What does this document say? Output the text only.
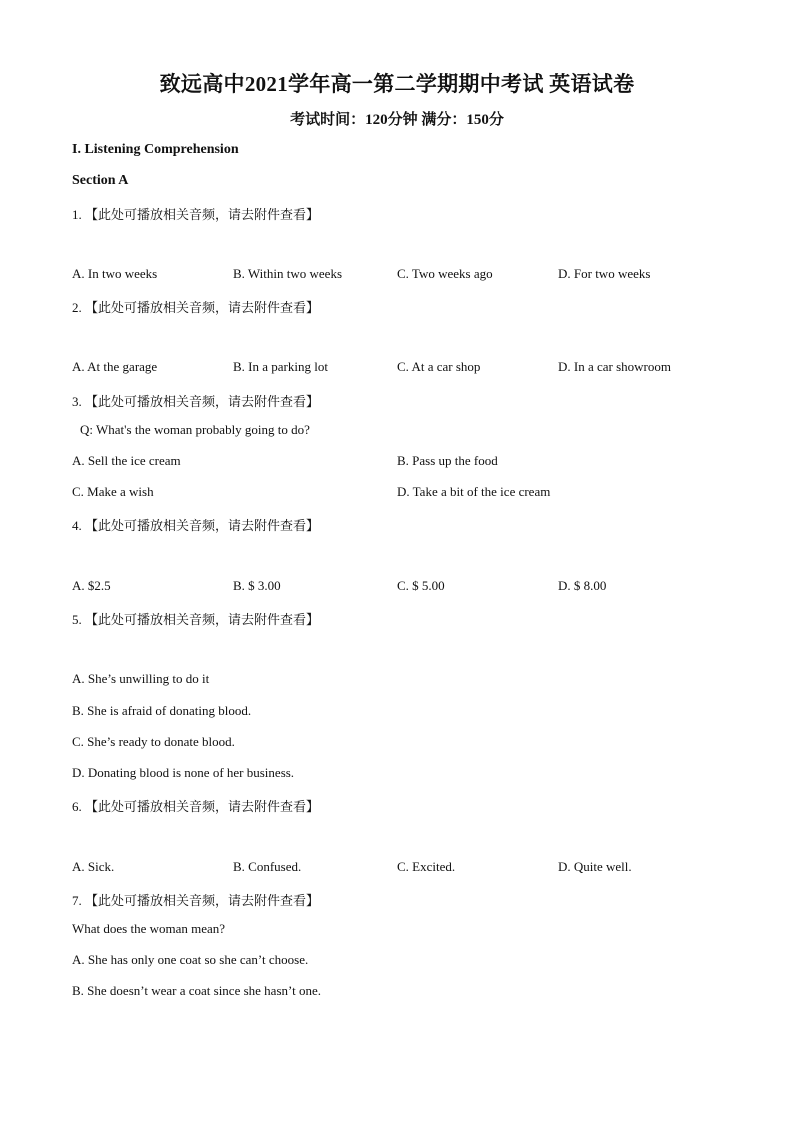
致远高中2021学年高一第二学期期中考试 英语试卷
考试时间：120分钟 满分：150分
I. Listening Comprehension
Section A
1. 【此处可播放相关音频，请去附件查看】
A. In two weeks	B. Within two weeks	C. Two weeks ago	D. For two weeks
2. 【此处可播放相关音频，请去附件查看】
A. At the garage	B. In a parking lot	C. At a car shop	D. In a car showroom
3. 【此处可播放相关音频，请去附件查看】
Q: What's the woman probably going to do?
A. Sell the ice cream	B. Pass up the food
C. Make a wish	D. Take a bit of the ice cream
4. 【此处可播放相关音频，请去附件查看】
A. $2.5	B. $ 3.00	C. $ 5.00	D. $ 8.00
5. 【此处可播放相关音频，请去附件查看】
A. She’s unwilling to do it
B. She is afraid of donating blood.
C. She’s ready to donate blood.
D. Donating blood is none of her business.
6. 【此处可播放相关音频，请去附件查看】
A. Sick.	B. Confused.	C. Excited.	D. Quite well.
7. 【此处可播放相关音频，请去附件查看】
What does the woman mean?
A. She has only one coat so she can’t choose.
B. She doesn’t wear a coat since she hasn’t one.
